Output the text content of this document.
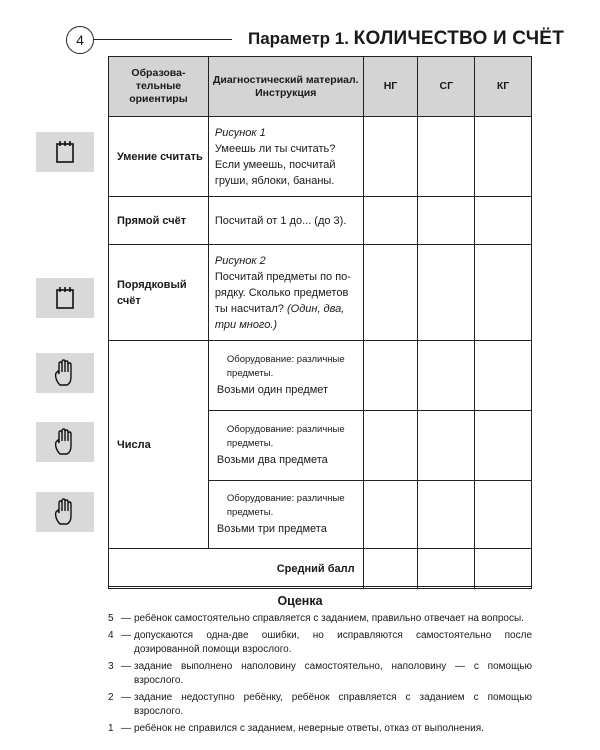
4	Параметр 1. КОЛИЧЕСТВО И СЧЁТ
Образова-тельные ориентиры	Диагностический материал. Инструкция	НГ	СГ	КГ
Умение считать	Рисунок 1
Умеешь ли ты считать? Если умеешь, посчитай груши, яблоки, бананы.			

Прямой счёт	Посчитай от 1 до... (до 3).			
Порядковый счёт	Рисунок 2
Посчитай предметы по по-рядку. Сколько предметов ты насчитал? (Один, два, три много.)			

Числа	Оборудование: различные предметы.
Возьми один предмет			

	Оборудование: различные предметы.
Возьми два предмета			

	Оборудование: различные предметы.
Возьми три предмета			

Средний балл				
Оценка
5 — ребёнок самостоятельно справляется с заданием, правильно отвечает на вопросы.
4 — допускаются одна-две ошибки, но исправляются самостоятельно после дозированной помощи взрослого.
3 — задание выполнено наполовину самостоятельно, наполовину — с помощью взрослого.
2 — задание недоступно ребёнку, ребёнок справляется с заданием с помощью взрослого.
1 — ребёнок не справился с заданием, неверные ответы, отказ от выполнения.
